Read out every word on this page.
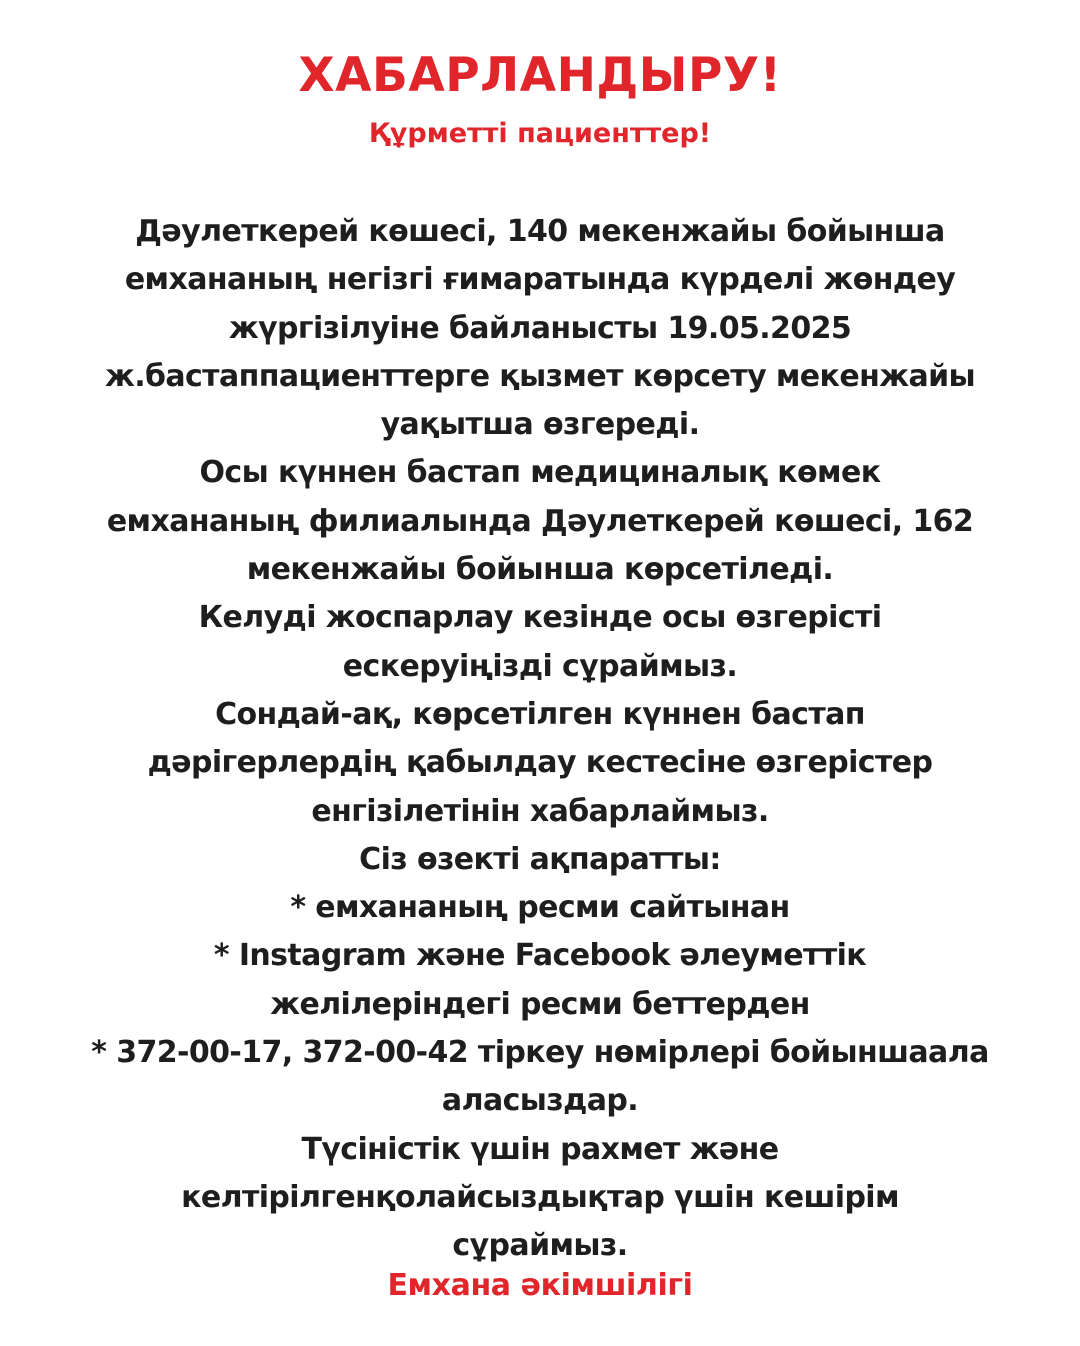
ХАБАРЛАНДЫРУ!
Құрметті пациенттер!
Дәулеткерей көшесі, 140 мекенжайы бойынша
емхананың негізгі ғимаратында күрделі жөндеу
жүргізілуіне байланысты 19.05.2025
ж.бастаппациенттерге қызмет көрсету мекенжайы
уақытша өзгереді.
Осы күннен бастап медициналық көмек
емхананың филиалында Дәулеткерей көшесі, 162
мекенжайы бойынша көрсетіледі.
Келуді жоспарлау кезінде осы өзгерісті
ескеруіңізді сұраймыз.
Сондай-ақ, көрсетілген күннен бастап
дәрігерлердің қабылдау кестесіне өзгерістер
енгізілетінін хабарлаймыз.
Сіз өзекті ақпаратты:
* емхананың ресми сайтынан
* Instagram және Facebook әлеуметтік
желілеріндегі ресми беттерден
* 372-00-17, 372-00-42 тіркеу нөмірлері бойыншаала
аласыздар.
Түсіністік үшін рахмет және
келтірілгенқолайсыздықтар үшін кешірім
сұраймыз.
Емхана әкімшілігі
